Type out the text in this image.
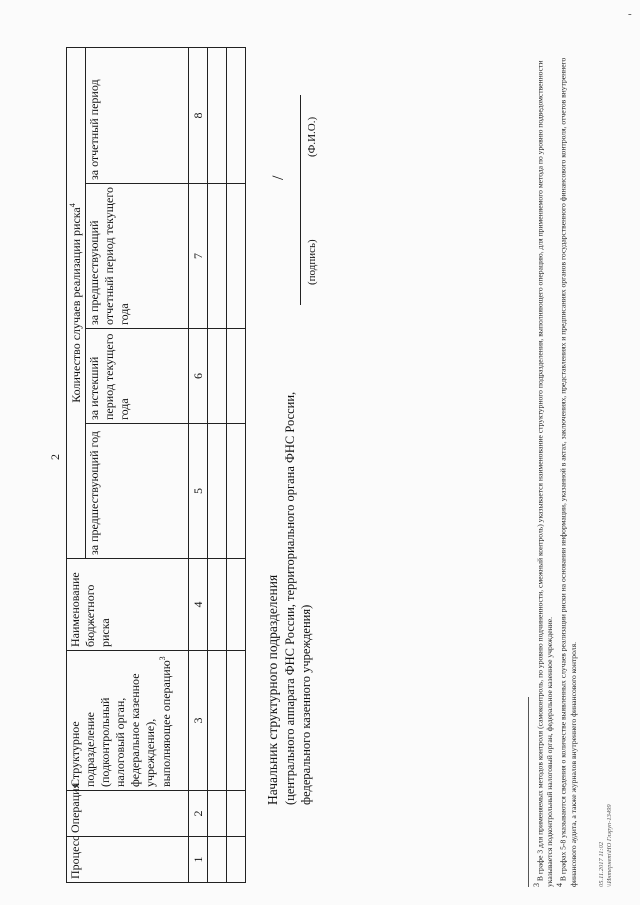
-
2
Процесс	Операция	Структурное подразделение (подконтрольный налоговый орган, федеральное казенное учреждение), выполняющее операцию$^3$	Наименование бюджетного риска	Количество случаев реализации риска$^4$
				за предшествующий год	за истекший период текущего года	за предшествующий отчетный период текущего года	за отчетный период
1	2	3	4	5	6	7	8

Начальник структурного подразделения (центрального аппарата ФНС России, территориального органа ФНС России, федерального казенного учреждения)
/
(подпись)
(Ф.И.О.)
3 В графе 3 для применяемых методов контроля (самоконтроль, по уровню подчиненности, смежный контроль) указывается наименование структурного подразделения, выполняющего операцию, для применяемого метода по уровню подведомственности указывается подконтрольный налоговый орган, федеральное казенное учреждение. 4 В графах 5-8 указываются сведения о количестве выявленных случаев реализации риски на основании информации, указанной в актах, заключениях, представлениях и предписаниях органов государственного финансового контроля, отчетов внутреннего финансового аудита, а также журналов внутреннего финансового контроля.	05.11.2017 11:02 \\Интернет\НО Глэруп-13499
